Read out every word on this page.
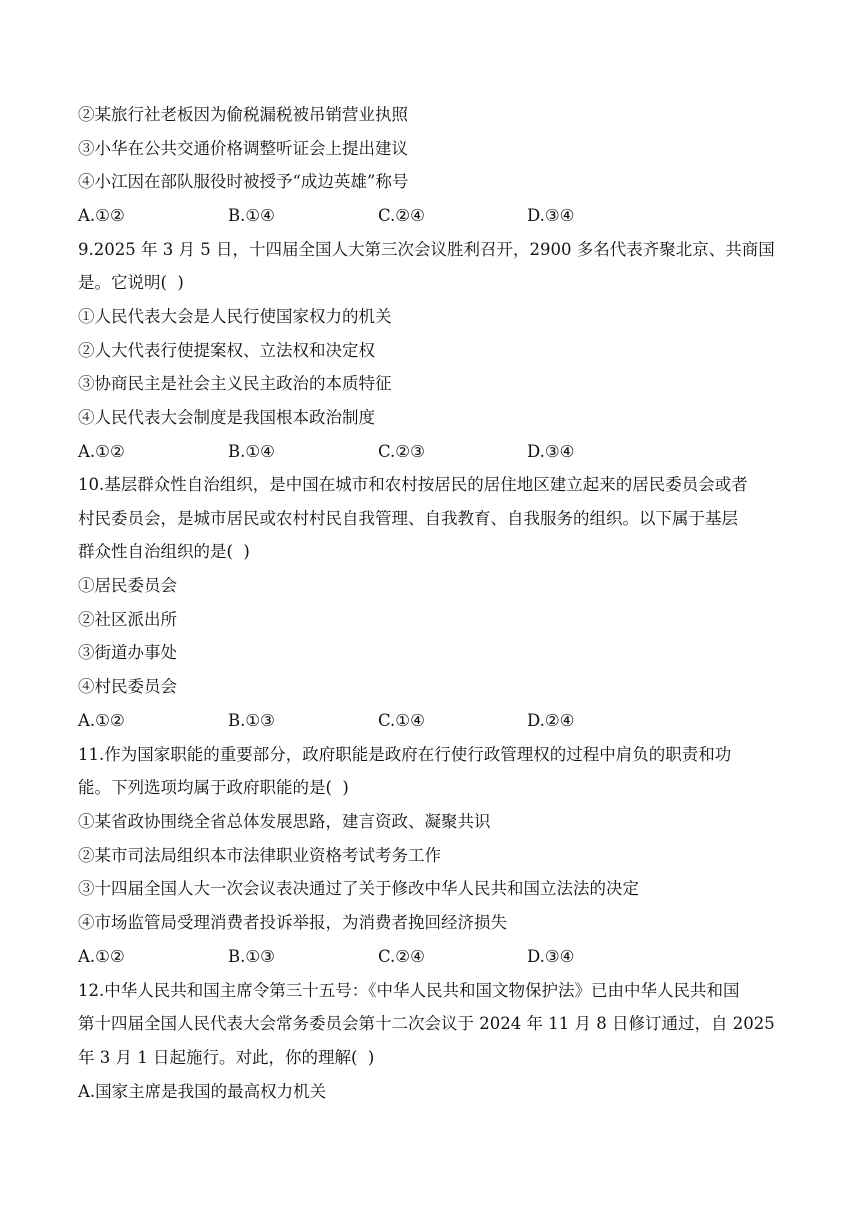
②某旅行社老板因为偷税漏税被吊销营业执照
③小华在公共交通价格调整听证会上提出建议
④小江因在部队服役时被授予“成边英雄”称号
A.①②	B.①④	C.②④	D.③④
9.2025 年 3 月 5 日，十四届全国人大第三次会议胜利召开，2900 多名代表齐聚北京、共商国
是。它说明(  )
①人民代表大会是人民行使国家权力的机关
②人大代表行使提案权、立法权和决定权
③协商民主是社会主义民主政治的本质特征
④人民代表大会制度是我国根本政治制度
A.①②	B.①④	C.②③	D.③④
10.基层群众性自治组织，是中国在城市和农村按居民的居住地区建立起来的居民委员会或者
村民委员会，是城市居民或农村村民自我管理、自我教育、自我服务的组织。以下属于基层
群众性自治组织的是(  )
①居民委员会
②社区派出所
③街道办事处
④村民委员会
A.①②	B.①③	C.①④	D.②④
11.作为国家职能的重要部分，政府职能是政府在行使行政管理权的过程中肩负的职责和功
能。下列选项均属于政府职能的是(  )
①某省政协围绕全省总体发展思路，建言资政、凝聚共识
②某市司法局组织本市法律职业资格考试考务工作
③十四届全国人大一次会议表决通过了关于修改中华人民共和国立法法的决定
④市场监管局受理消费者投诉举报，为消费者挽回经济损失
A.①②	B.①③	C.②④	D.③④
12.中华人民共和国主席令第三十五号：《中华人民共和国文物保护法》已由中华人民共和国
第十四届全国人民代表大会常务委员会第十二次会议于 2024 年 11 月 8 日修订通过，自 2025
年 3 月 1 日起施行。对此，你的理解(  )
A.国家主席是我国的最高权力机关
